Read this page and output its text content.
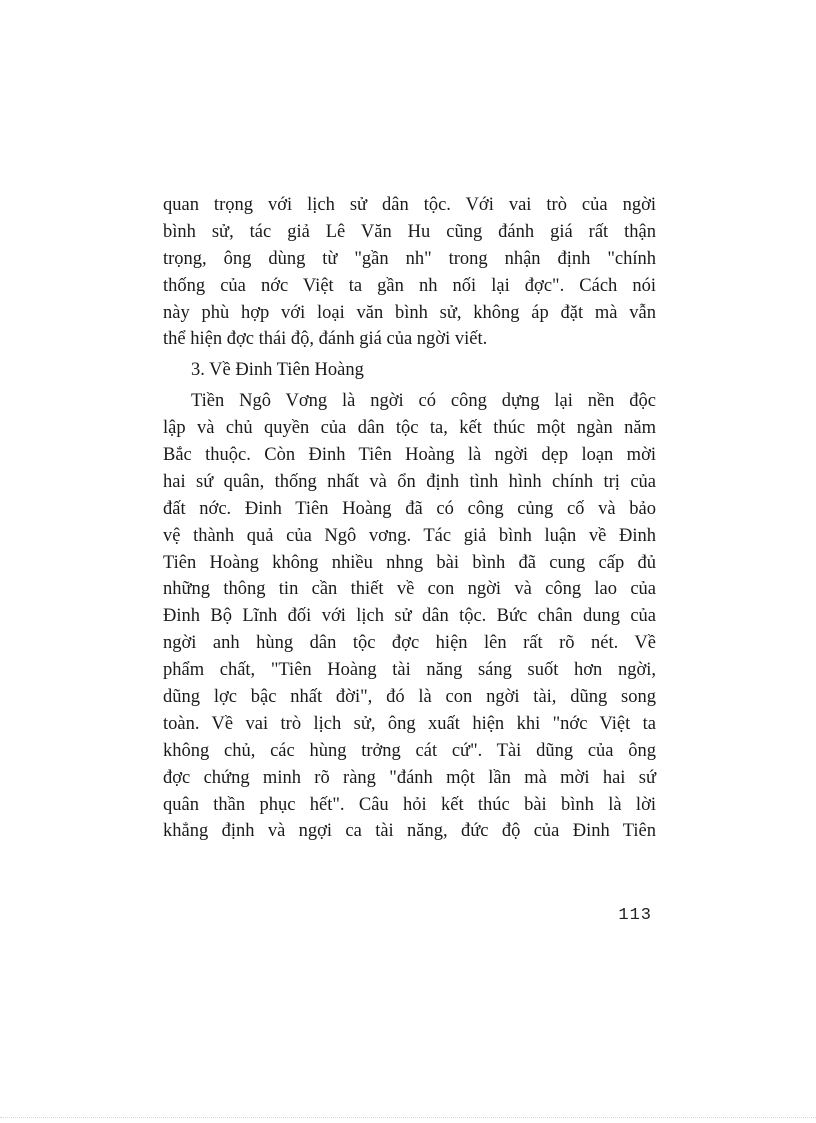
quan trọng với lịch sử dân tộc. Với vai trò của ngời
bình sử, tác giả Lê Văn Hu cũng đánh giá rất thận
trọng, ông dùng từ "gần nh" trong nhận định "chính
thống của nớc Việt ta gần nh nối lại đợc". Cách nói
này phù hợp với loại văn bình sử, không áp đặt mà vẫn
thể hiện đợc thái độ, đánh giá của ngời viết.
3. Về Đinh Tiên Hoàng
Tiền Ngô Vơng là ngời có công dựng lại nền độc
lập và chủ quyền của dân tộc ta, kết thúc một ngàn năm
Bắc thuộc. Còn Đinh Tiên Hoàng là ngời dẹp loạn mời
hai sứ quân, thống nhất và ổn định tình hình chính trị của
đất nớc. Đinh Tiên Hoàng đã có công củng cố và bảo
vệ thành quả của Ngô vơng. Tác giả bình luận về Đinh
Tiên Hoàng không nhiều nhng bài bình đã cung cấp đủ
những thông tin cần thiết về con ngời và công lao của
Đinh Bộ Lĩnh đối với lịch sử dân tộc. Bức chân dung của
ngời anh hùng dân tộc đợc hiện lên rất rõ nét. Về
phẩm chất, "Tiên Hoàng tài năng sáng suốt hơn ngời,
dũng lợc bậc nhất đời", đó là con ngời tài, dũng song
toàn. Về vai trò lịch sử, ông xuất hiện khi "nớc Việt ta
không chủ, các hùng trởng cát cứ". Tài dũng của ông
đợc chứng minh rõ ràng "đánh một lần mà mời hai sứ
quân thần phục hết". Câu hỏi kết thúc bài bình là lời
khẳng định và ngợi ca tài năng, đức độ của Đinh Tiên
113
